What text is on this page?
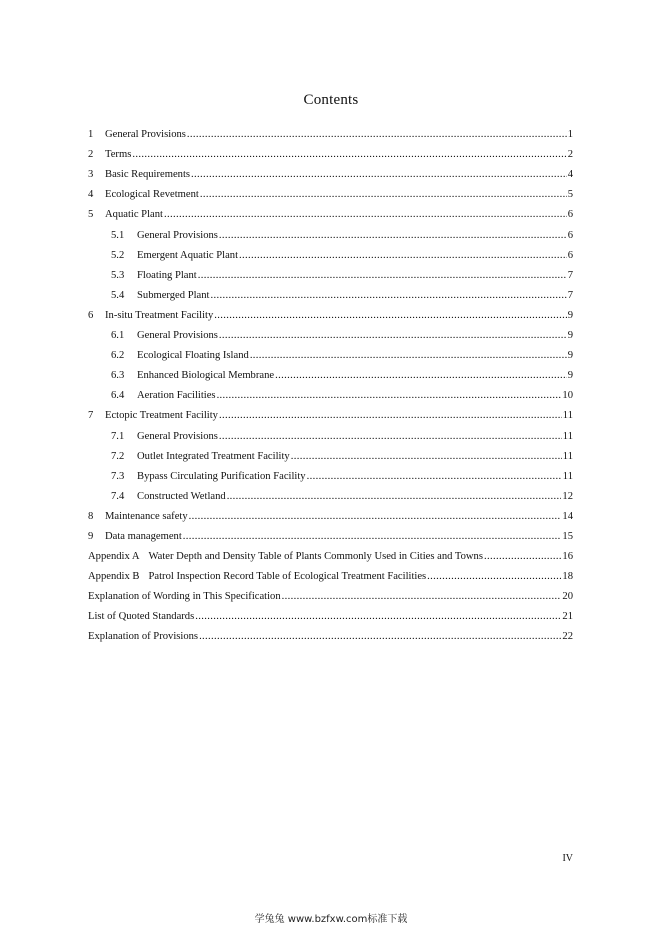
Contents
1	General Provisions .....	1
2	Terms .....	2
3	Basic Requirements .....	4
4	Ecological Revetment .....	5
5	Aquatic Plant .....	6
5.1	General Provisions .....	6
5.2	Emergent Aquatic Plant .....	6
5.3	Floating Plant .....	7
5.4	Submerged Plant .....	7
6	In-situ Treatment Facility .....	9
6.1	General Provisions .....	9
6.2	Ecological Floating Island .....	9
6.3	Enhanced Biological Membrane .....	9
6.4	Aeration Facilities .....	10
7	Ectopic Treatment Facility .....	11
7.1	General Provisions .....	11
7.2	Outlet Integrated Treatment Facility .....	11
7.3	Bypass Circulating Purification Facility .....	11
7.4	Constructed Wetland .....	12
8	Maintenance safety .....	14
9	Data management .....	15
Appendix A Water Depth and Density Table of Plants Commonly Used in Cities and Towns .....	16
Appendix B Patrol Inspection Record Table of Ecological Treatment Facilities .....	18
Explanation of Wording in This Specification .....	20
List of Quoted Standards .....	21
Explanation of Provisions .....	22
IV
学兔兔 www.bzfxw.com标准下载
